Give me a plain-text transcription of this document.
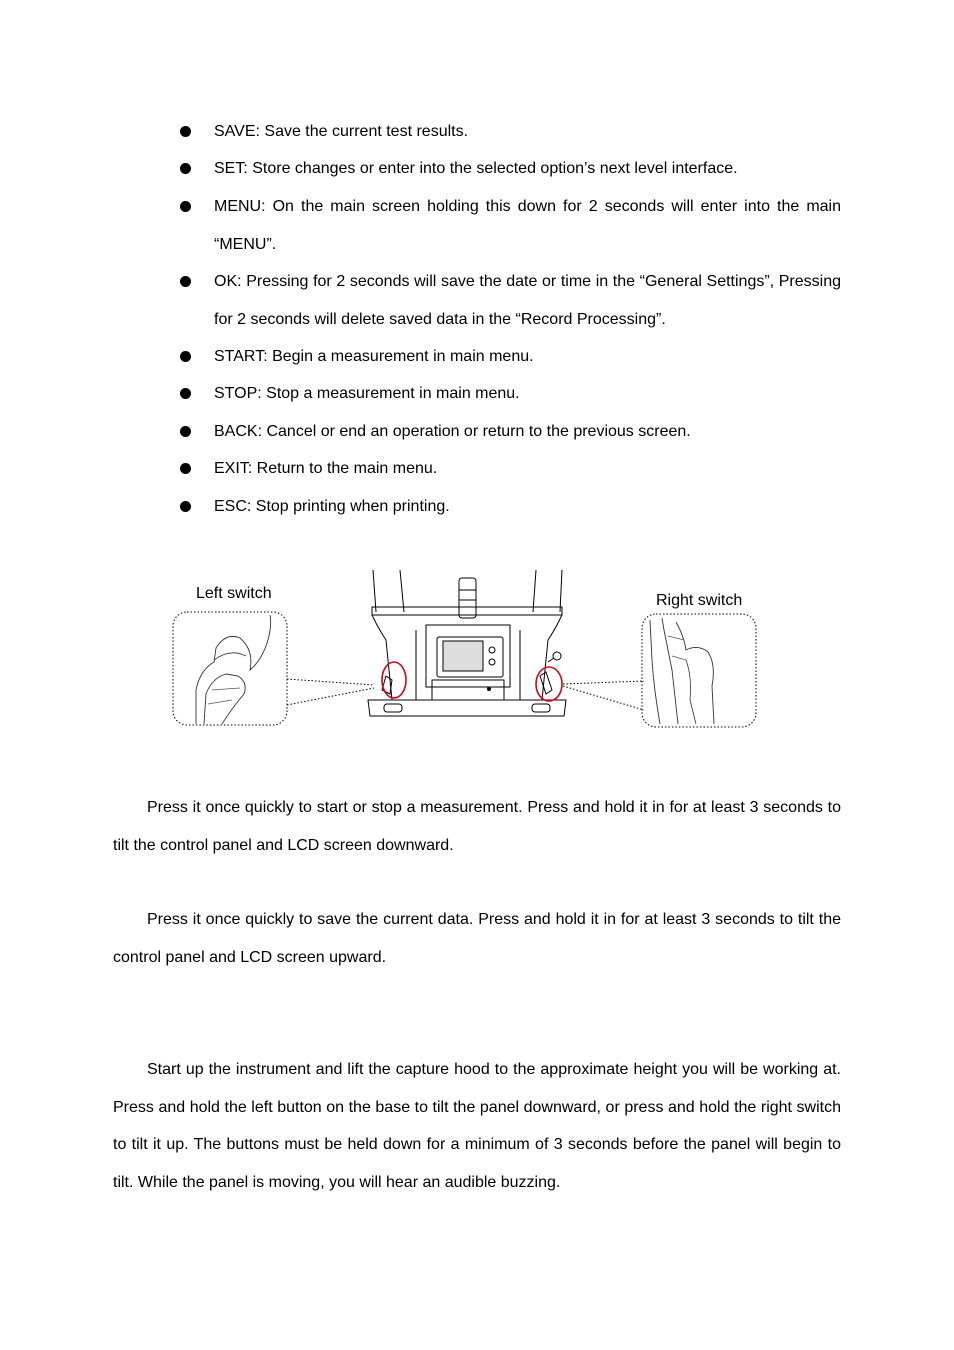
SAVE: Save the current test results.
SET: Store changes or enter into the selected option’s next level interface.
MENU: On the main screen holding this down for 2 seconds will enter into the main “MENU”.
OK: Pressing for 2 seconds will save the date or time in the “General Settings”, Pressing for 2 seconds will delete saved data in the “Record Processing”.
START: Begin a measurement in main menu.
STOP: Stop a measurement in main menu.
BACK: Cancel or end an operation or return to the previous screen.
EXIT: Return to the main menu.
ESC: Stop printing when printing.
Left switch	Right switch
Press it once quickly to start or stop a measurement. Press and hold it in for at least 3 seconds to tilt the control panel and LCD screen downward.
Press it once quickly to save the current data. Press and hold it in for at least 3 seconds to tilt the control panel and LCD screen upward.
Start up the instrument and lift the capture hood to the approximate height you will be working at. Press and hold the left button on the base to tilt the panel downward, or press and hold the right switch to tilt it up. The buttons must be held down for a minimum of 3 seconds before the panel will begin to tilt. While the panel is moving, you will hear an audible buzzing.
